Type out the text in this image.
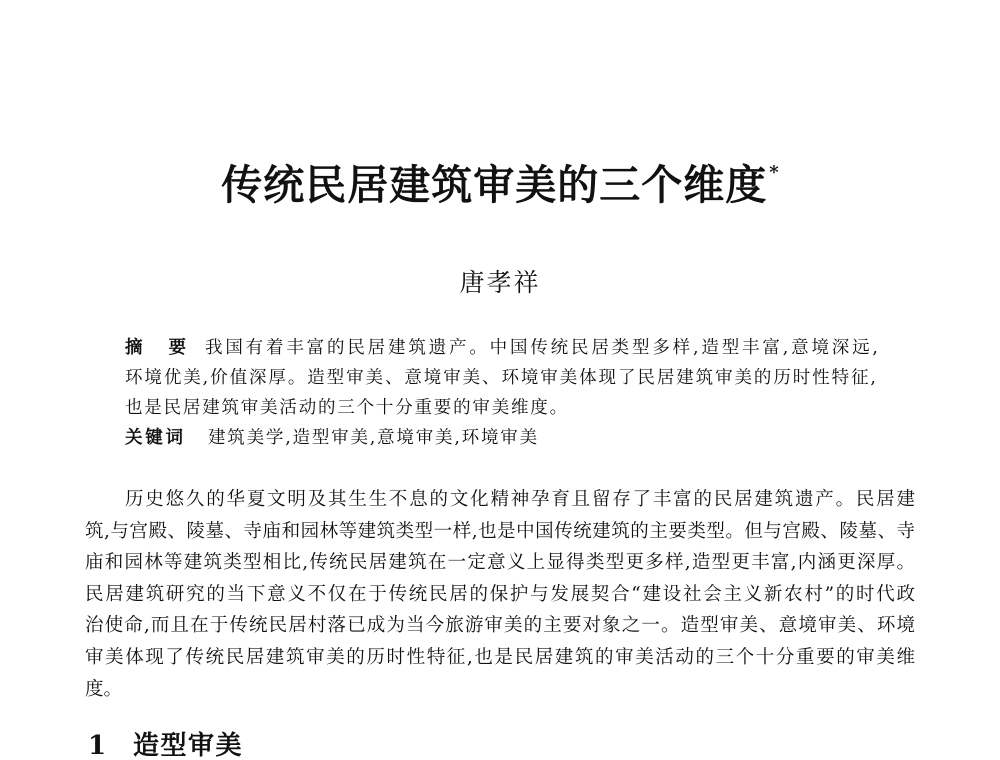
传统民居建筑审美的三个维度 *
唐孝祥
摘　要 我国有着丰富的民居建筑遗产。中国传统民居类型多样,造型丰富,意境深远,
环境优美,价值深厚。造型审美、意境审美、环境审美体现了民居建筑审美的历时性特征,
也是民居建筑审美活动的三个十分重要的审美维度。
关键词 建筑美学,造型审美,意境审美,环境审美
历史悠久的华夏文明及其生生不息的文化精神孕育且留存了丰富的民居建筑遗产。民居建
筑,与宫殿、陵墓、寺庙和园林等建筑类型一样,也是中国传统建筑的主要类型。但与宫殿、陵墓、寺
庙和园林等建筑类型相比,传统民居建筑在一定意义上显得类型更多样,造型更丰富,内涵更深厚。
民居建筑研究的当下意义不仅在于传统民居的保护与发展契合“建设社会主义新农村”的时代政
治使命,而且在于传统民居村落已成为当今旅游审美的主要对象之一。造型审美、意境审美、环境
审美体现了传统民居建筑审美的历时性特征,也是民居建筑的审美活动的三个十分重要的审美维
度。
1 造型审美
